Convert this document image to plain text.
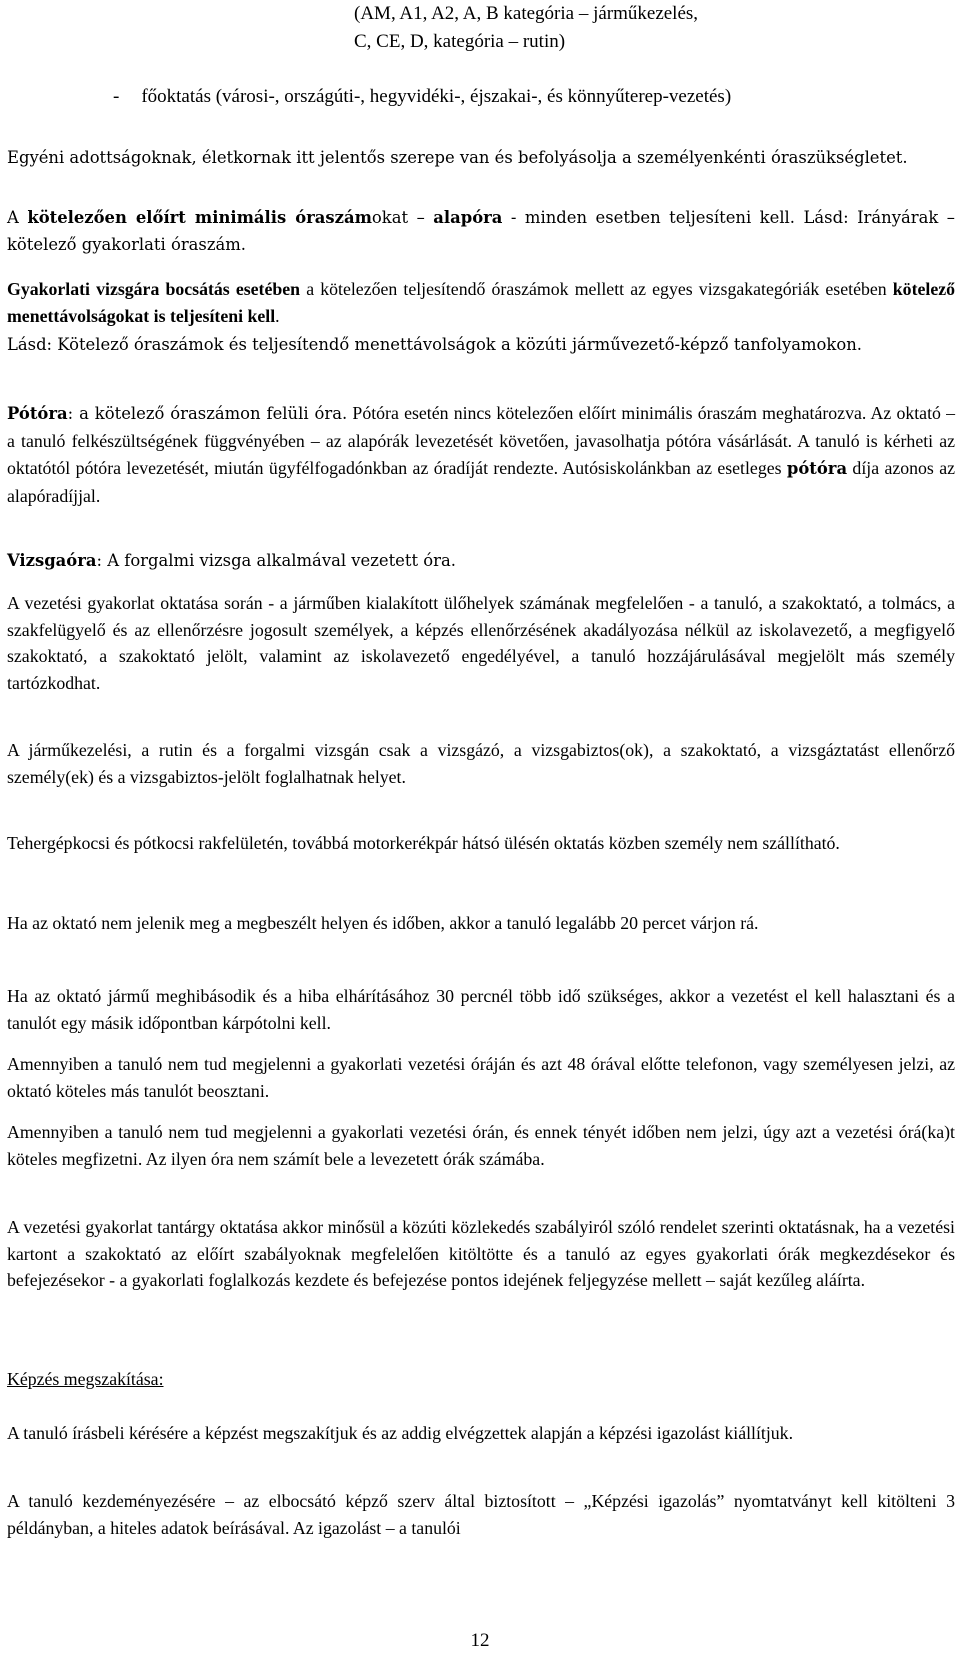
(AM, A1, A2, A, B kategória – járműkezelés,
C, CE, D, kategória – rutin)
- főoktatás (városi-, országúti-, hegyvidéki-, éjszakai-, és könnyűterep-vezetés)
Egyéni adottságoknak, életkornak itt jelentős szerepe van és befolyásolja a személyenkénti óraszükségletet.
A kötelezően előírt minimális óraszámokat – alapóra - minden esetben teljesíteni kell. Lásd: Irányárak – kötelező gyakorlati óraszám.
Gyakorlati vizsgára bocsátás esetében a kötelezően teljesítendő óraszámok mellett az egyes vizsgakategóriák esetében kötelező menettávolságokat is teljesíteni kell.
Lásd: Kötelező óraszámok és teljesítendő menettávolságok a közúti járművezető-képző tanfolyamokon.
Pótóra: a kötelező óraszámon felüli óra. Pótóra esetén nincs kötelezően előírt minimális óraszám meghatározva. Az oktató – a tanuló felkészültségének függvényében – az alapórák levezetését követően, javasolhatja pótóra vásárlását. A tanuló is kérheti az oktatótól pótóra levezetését, miután ügyfélfogadónkban az óradíját rendezte. Autósiskolánkban az esetleges pótóra díja azonos az alapóradíjjal.
Vizsgaóra: A forgalmi vizsga alkalmával vezetett óra.
A vezetési gyakorlat oktatása során - a járműben kialakított ülőhelyek számának megfelelően - a tanuló, a szakoktató, a tolmács, a szakfelügyelő és az ellenőrzésre jogosult személyek, a képzés ellenőrzésének akadályozása nélkül az iskolavezető, a megfigyelő szakoktató, a szakoktató jelölt, valamint az iskolavezető engedélyével, a tanuló hozzájárulásával megjelölt más személy tartózkodhat.
A járműkezelési, a rutin és a forgalmi vizsgán csak a vizsgázó, a vizsgabiztos(ok), a szakoktató, a vizsgáztatást ellenőrző személy(ek) és a vizsgabiztos-jelölt foglalhatnak helyet.
Tehergépkocsi és pótkocsi rakfelületén, továbbá motorkerékpár hátsó ülésén oktatás közben személy nem szállítható.
Ha az oktató nem jelenik meg a megbeszélt helyen és időben, akkor a tanuló legalább 20 percet várjon rá.
Ha az oktató jármű meghibásodik és a hiba elhárításához 30 percnél több idő szükséges, akkor a vezetést el kell halasztani és a tanulót egy másik időpontban kárpótolni kell.
Amennyiben a tanuló nem tud megjelenni a gyakorlati vezetési óráján és azt 48 órával előtte telefonon, vagy személyesen jelzi, az oktató köteles más tanulót beosztani.
Amennyiben a tanuló nem tud megjelenni a gyakorlati vezetési órán, és ennek tényét időben nem jelzi, úgy azt a vezetési órá(ka)t köteles megfizetni. Az ilyen óra nem számít bele a levezetett órák számába.
A vezetési gyakorlat tantárgy oktatása akkor minősül a közúti közlekedés szabályiról szóló rendelet szerinti oktatásnak, ha a vezetési kartont a szakoktató az előírt szabályoknak megfelelően kitöltötte és a tanuló az egyes gyakorlati órák megkezdésekor és befejezésekor - a gyakorlati foglalkozás kezdete és befejezése pontos idejének feljegyzése mellett – saját kezűleg aláírta.
Képzés megszakítása:
A tanuló írásbeli kérésére a képzést megszakítjuk és az addig elvégzettek alapján a képzési igazolást kiállítjuk.
A tanuló kezdeményezésére – az elbocsátó képző szerv által biztosított – „Képzési igazolás” nyomtatványt kell kitölteni 3 példányban, a hiteles adatok beírásával. Az igazolást – a tanulói
12
